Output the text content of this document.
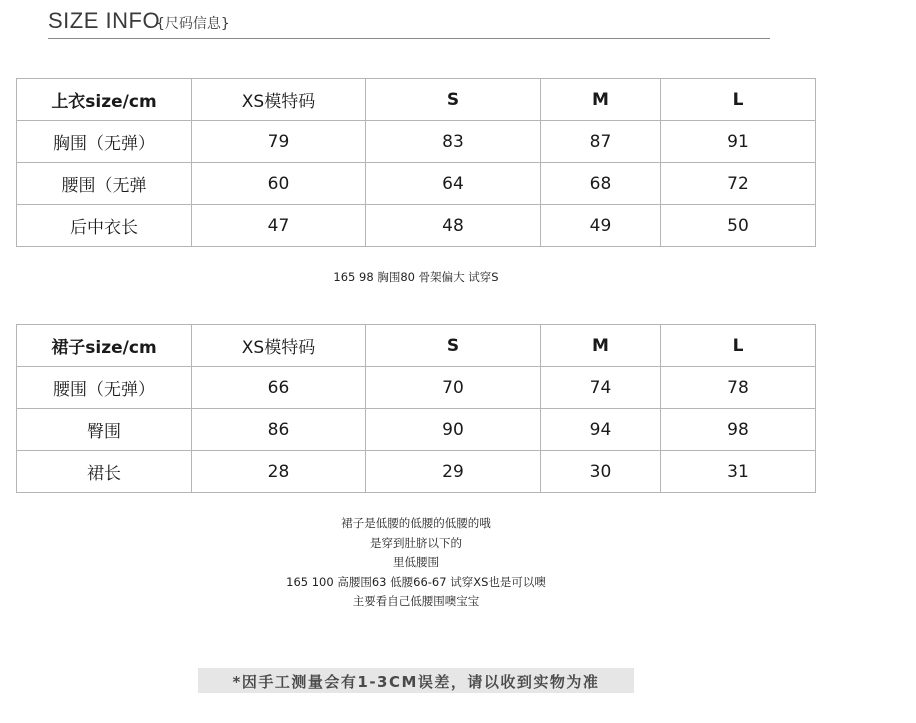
SIZE INFO
{尺码信息}
上衣size/cm	XS模特码	S	M	L
胸围（无弹）	79	83	87	91
腰围（无弹	60	64	68	72
后中衣长	47	48	49	50
165 98 胸围80 骨架偏大 试穿S
裙子size/cm	XS模特码	S	M	L
腰围（无弹）	66	70	74	78
臀围	86	90	94	98
裙长	28	29	30	31
裙子是低腰的低腰的低腰的哦
是穿到肚脐以下的
里低腰围
165 100 高腰围63 低腰66-67 试穿XS也是可以噢
主要看自己低腰围噢宝宝
*因手工测量会有1-3CM误差，请以收到实物为准
